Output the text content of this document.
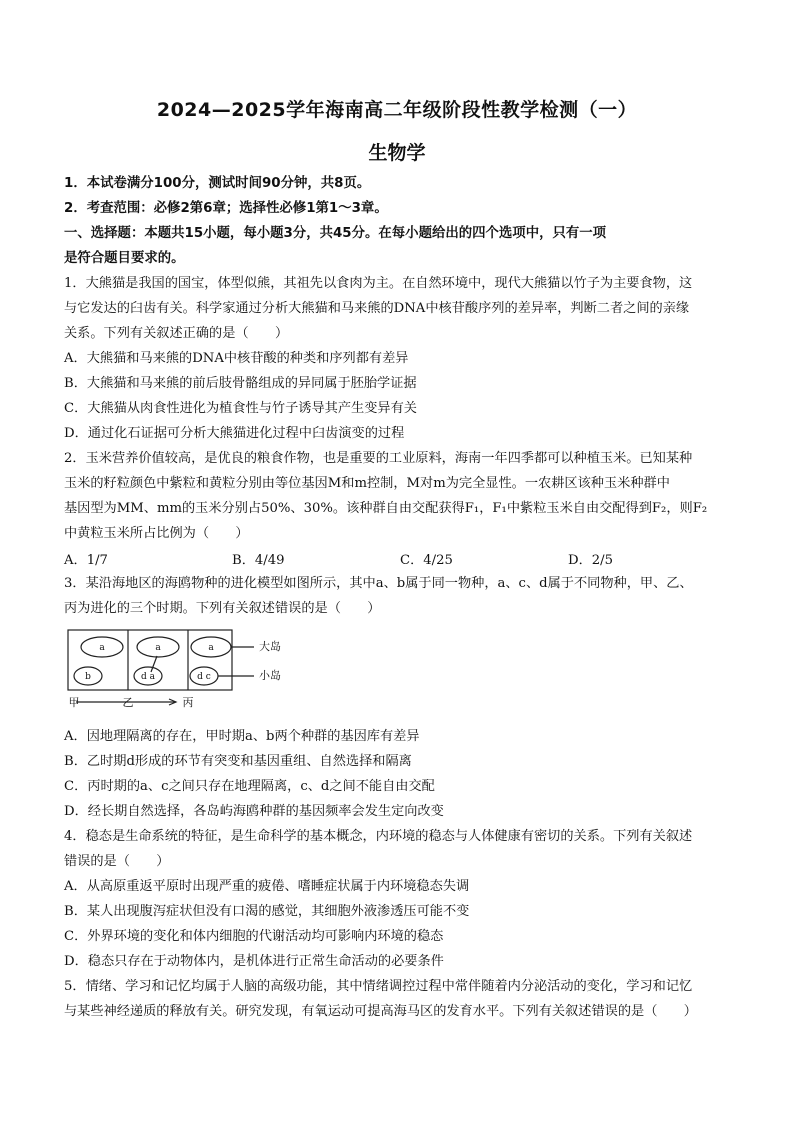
2024—2025学年海南高二年级阶段性教学检测（一）
生物学
1．本试卷满分100分，测试时间90分钟，共8页。
2．考查范围：必修2第6章；选择性必修1第1～3章。
一、选择题：本题共15小题，每小题3分，共45分。在每小题给出的四个选项中，只有一项
是符合题目要求的。
1．大熊猫是我国的国宝，体型似熊，其祖先以食肉为主。在自然环境中，现代大熊猫以竹子为主要食物，这
与它发达的臼齿有关。科学家通过分析大熊猫和马来熊的DNA中核苷酸序列的差异率，判断二者之间的亲缘
关系。下列有关叙述正确的是（　　）
A．大熊猫和马来熊的DNA中核苷酸的种类和序列都有差异
B．大熊猫和马来熊的前后肢骨骼组成的异同属于胚胎学证据
C．大熊猫从肉食性进化为植食性与竹子诱导其产生变异有关
D．通过化石证据可分析大熊猫进化过程中臼齿演变的过程
2．玉米营养价值较高，是优良的粮食作物，也是重要的工业原料，海南一年四季都可以种植玉米。已知某种
玉米的籽粒颜色中紫粒和黄粒分别由等位基因M和m控制，M对m为完全显性。一农耕区该种玉米种群中
基因型为MM、mm的玉米分别占50%、30%。该种群自由交配获得F₁，F₁中紫粒玉米自由交配得到F₂，则F₂
中黄粒玉米所占比例为（　　）
A．1/7	B．4/49	C．4/25	D．2/5
3．某沿海地区的海鸥物种的进化模型如图所示，其中a、b属于同一物种，a、c、d属于不同物种，甲、乙、
丙为进化的三个时期。下列有关叙述错误的是（　　）
a
b
a
d a
a
d c
大岛
小岛
甲	乙	丙
A．因地理隔离的存在，甲时期a、b两个种群的基因库有差异
B．乙时期d形成的环节有突变和基因重组、自然选择和隔离
C．丙时期的a、c之间只存在地理隔离，c、d之间不能自由交配
D．经长期自然选择，各岛屿海鸥种群的基因频率会发生定向改变
4．稳态是生命系统的特征，是生命科学的基本概念，内环境的稳态与人体健康有密切的关系。下列有关叙述
错误的是（　　）
A．从高原重返平原时出现严重的疲倦、嗜睡症状属于内环境稳态失调
B．某人出现腹泻症状但没有口渴的感觉，其细胞外液渗透压可能不变
C．外界环境的变化和体内细胞的代谢活动均可影响内环境的稳态
D．稳态只存在于动物体内，是机体进行正常生命活动的必要条件
5．情绪、学习和记忆均属于人脑的高级功能，其中情绪调控过程中常伴随着内分泌活动的变化，学习和记忆
与某些神经递质的释放有关。研究发现，有氧运动可提高海马区的发育水平。下列有关叙述错误的是（　　）
